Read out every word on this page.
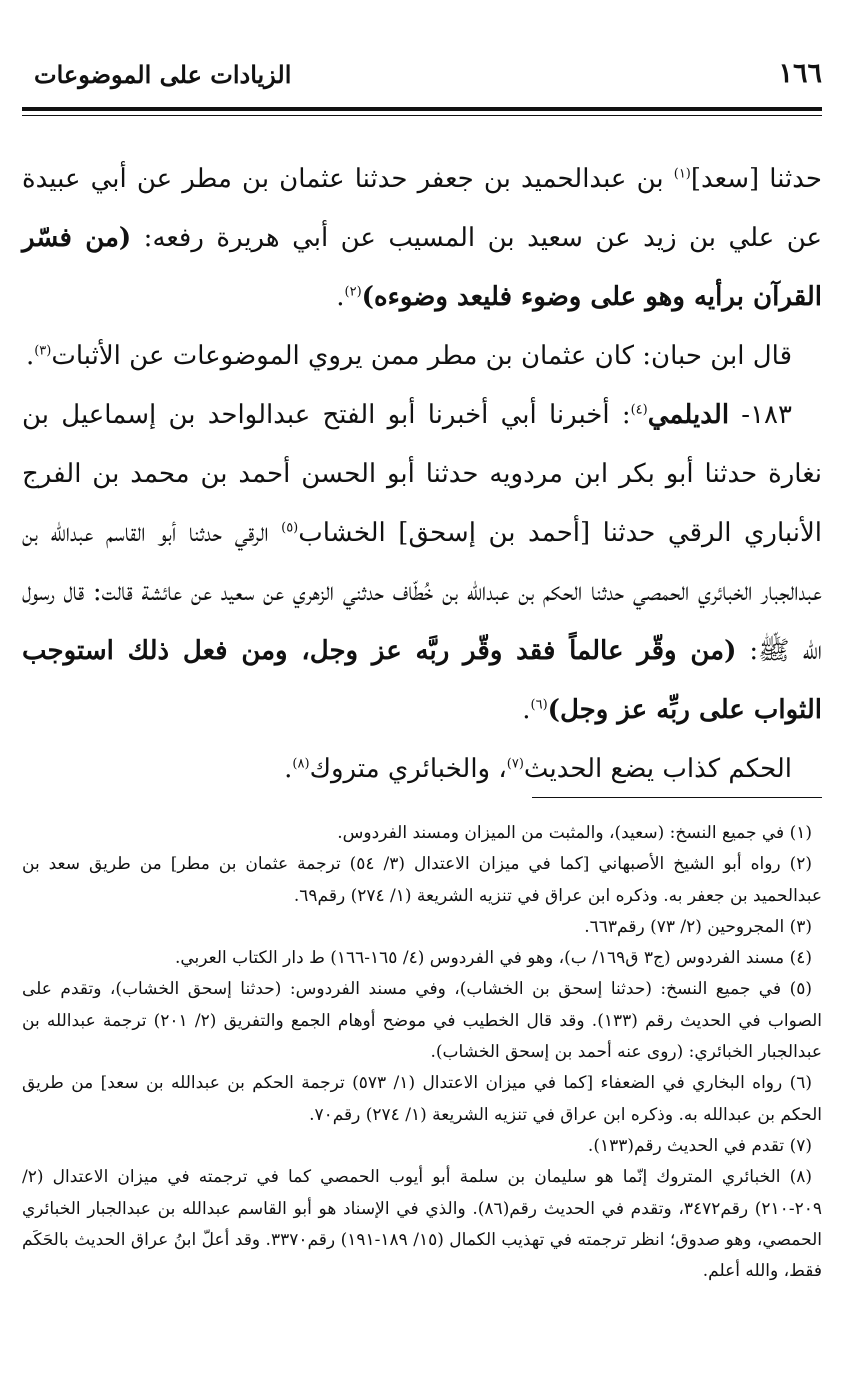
١٦٦
الزيادات على الموضوعات

حدثنا [سعد]$^{(١)}$ بن عبدالحميد بن جعفر حدثنا عثمان بن مطر عن أبي عبيدة عن علي بن زيد عن سعيد بن المسيب عن أبي هريرة رفعه: (من فسّر القرآن برأيه وهو على وضوء فليعد وضوءه)$^{(٢)}$.

قال ابن حبان: كان عثمان بن مطر ممن يروي الموضوعات عن الأثبات$^{(٣)}$.

١٨٣- الديلمي$^{(٤)}$: أخبرنا أبي أخبرنا أبو الفتح عبدالواحد بن إسماعيل بن نغارة حدثنا أبو بكر ابن مردويه حدثنا أبو الحسن أحمد بن محمد بن الفرج الأنباري الرقي حدثنا [أحمد بن إسحق] الخشاب$^{(٥)}$ الرقي حدثنا أبو القاسم عبدالله بن عبدالجبار الخبائري الحمصي حدثنا الحكم بن عبدالله بن خُطّاف حدثني الزهري عن سعيد عن عائشة قالت: قال رسول الله ﷺ: (من وقّر عالماً فقد وقّر ربَّه عز وجل، ومن فعل ذلك استوجب الثواب على ربِّه عز وجل)$^{(٦)}$.

الحكم كذاب يضع الحديث$^{(٧)}$، والخبائري متروك$^{(٨)}$.

(١) في جميع النسخ: (سعيد)، والمثبت من الميزان ومسند الفردوس.

(٢) رواه أبو الشيخ الأصبهاني [كما في ميزان الاعتدال (٣/ ٥٤) ترجمة عثمان بن مطر] من طريق سعد بن عبدالحميد بن جعفر به. وذكره ابن عراق في تنزيه الشريعة (١/ ٢٧٤) رقم٦٩.

(٣) المجروحين (٢/ ٧٣) رقم٦٦٣.

(٤) مسند الفردوس (ج٣ ق١٦٩/ ب)، وهو في الفردوس (٤/ ١٦٥-١٦٦) ط دار الكتاب العربي.

(٥) في جميع النسخ: (حدثنا إسحق بن الخشاب)، وفي مسند الفردوس: (حدثنا إسحق الخشاب)، وتقدم على الصواب في الحديث رقم (١٣٣). وقد قال الخطيب في موضح أوهام الجمع والتفريق (٢/ ٢٠١) ترجمة عبدالله بن عبدالجبار الخبائري: (روى عنه أحمد بن إسحق الخشاب).

(٦) رواه البخاري في الضعفاء [كما في ميزان الاعتدال (١/ ٥٧٣) ترجمة الحكم بن عبدالله بن سعد] من طريق الحكم بن عبدالله به. وذكره ابن عراق في تنزيه الشريعة (١/ ٢٧٤) رقم٧٠.

(٧) تقدم في الحديث رقم(١٣٣).

(٨) الخبائري المتروك إنّما هو سليمان بن سلمة أبو أيوب الحمصي كما في ترجمته في ميزان الاعتدال (٢/ ٢٠٩-٢١٠) رقم٣٤٧٢، وتقدم في الحديث رقم(٨٦). والذي في الإسناد هو أبو القاسم عبدالله بن عبدالجبار الخبائري الحمصي، وهو صدوق؛ انظر ترجمته في تهذيب الكمال (١٥/ ١٨٩-١٩١) رقم٣٣٧٠. وقد أعلّ ابنُ عراق الحديث بالحَكَم فقط، والله أعلم.
